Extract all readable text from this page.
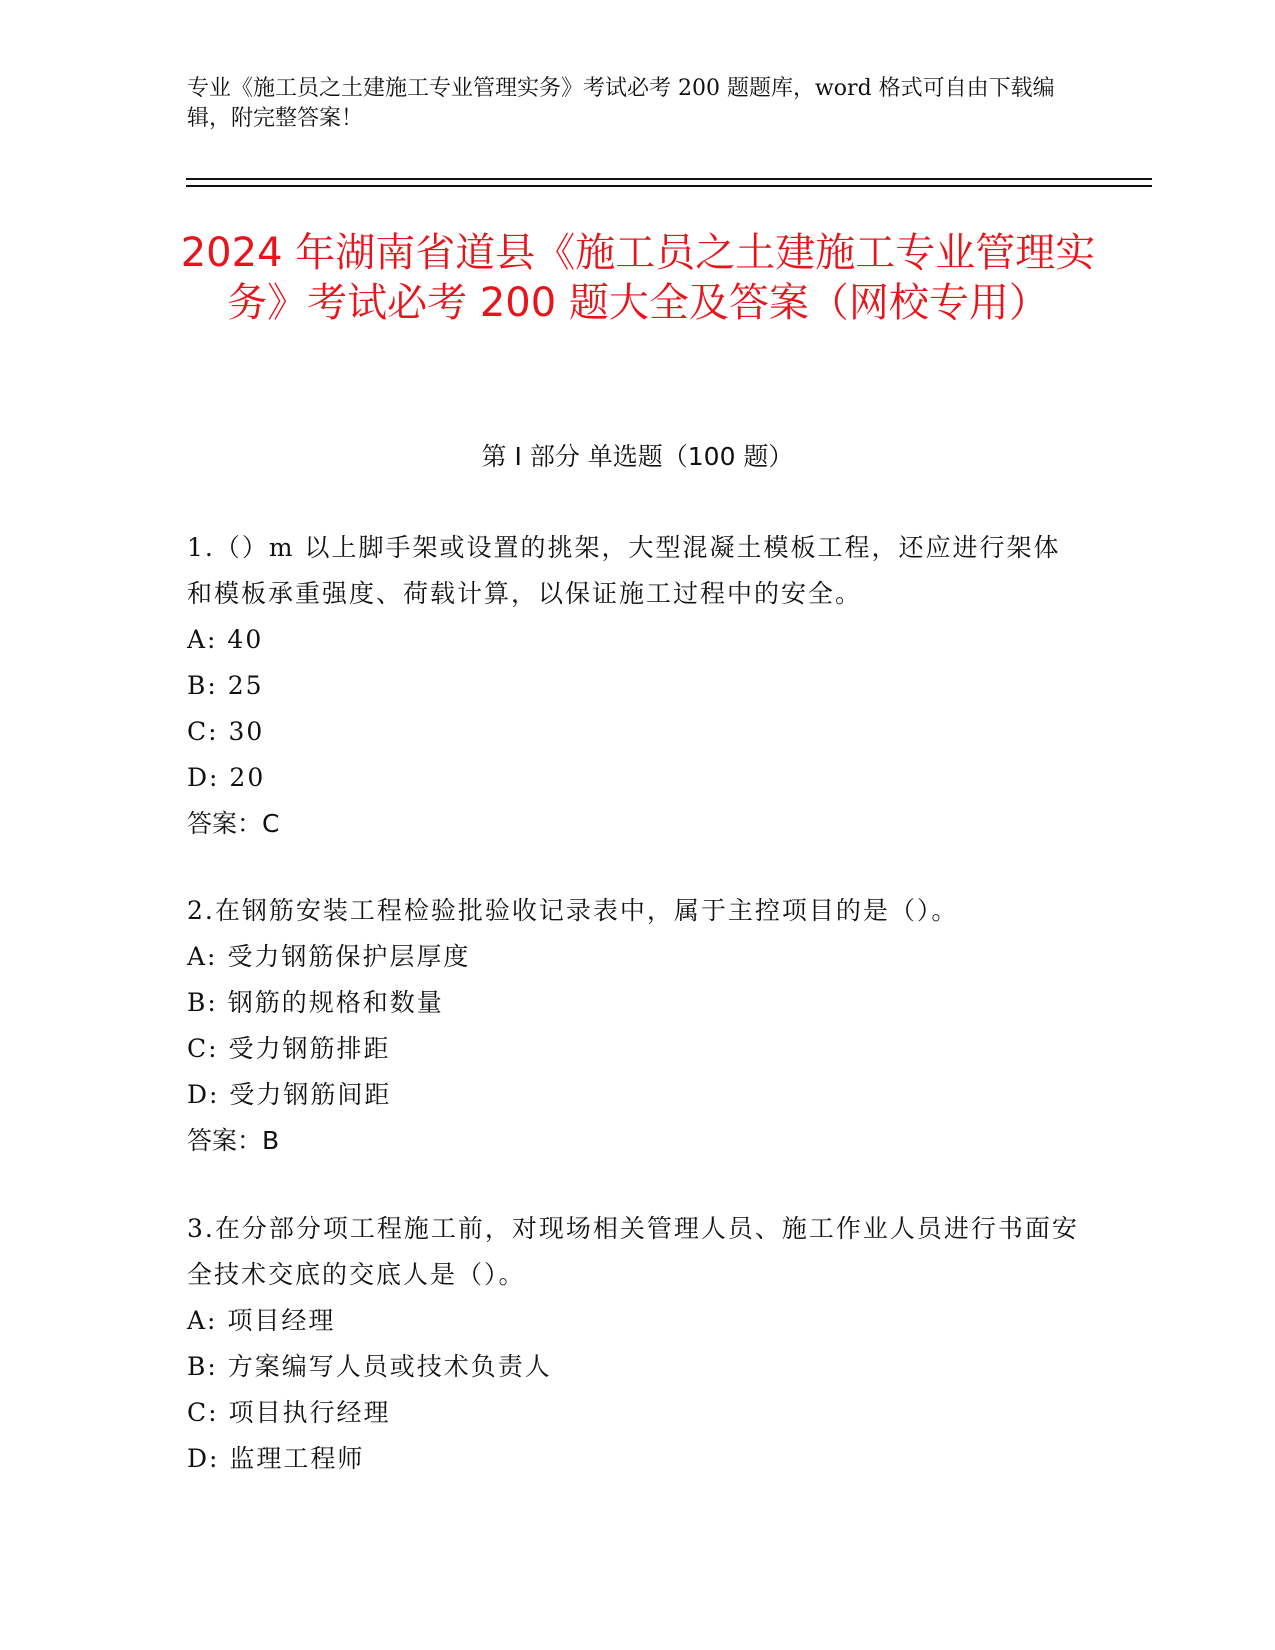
专业《施工员之土建施工专业管理实务》考试必考 200 题题库，word 格式可自由下载编辑，附完整答案！
2024 年湖南省道县《施工员之土建施工专业管理实务》考试必考 200 题大全及答案（网校专用）
第 I 部分 单选题（100 题）
1.（）m 以上脚手架或设置的挑架，大型混凝土模板工程，还应进行架体和模板承重强度、荷载计算，以保证施工过程中的安全。
A: 40
B: 25
C: 30
D: 20
答案：C
2.在钢筋安装工程检验批验收记录表中，属于主控项目的是（）。
A: 受力钢筋保护层厚度
B: 钢筋的规格和数量
C: 受力钢筋排距
D: 受力钢筋间距
答案：B
3.在分部分项工程施工前，对现场相关管理人员、施工作业人员进行书面安全技术交底的交底人是（）。
A: 项目经理
B: 方案编写人员或技术负责人
C: 项目执行经理
D: 监理工程师
